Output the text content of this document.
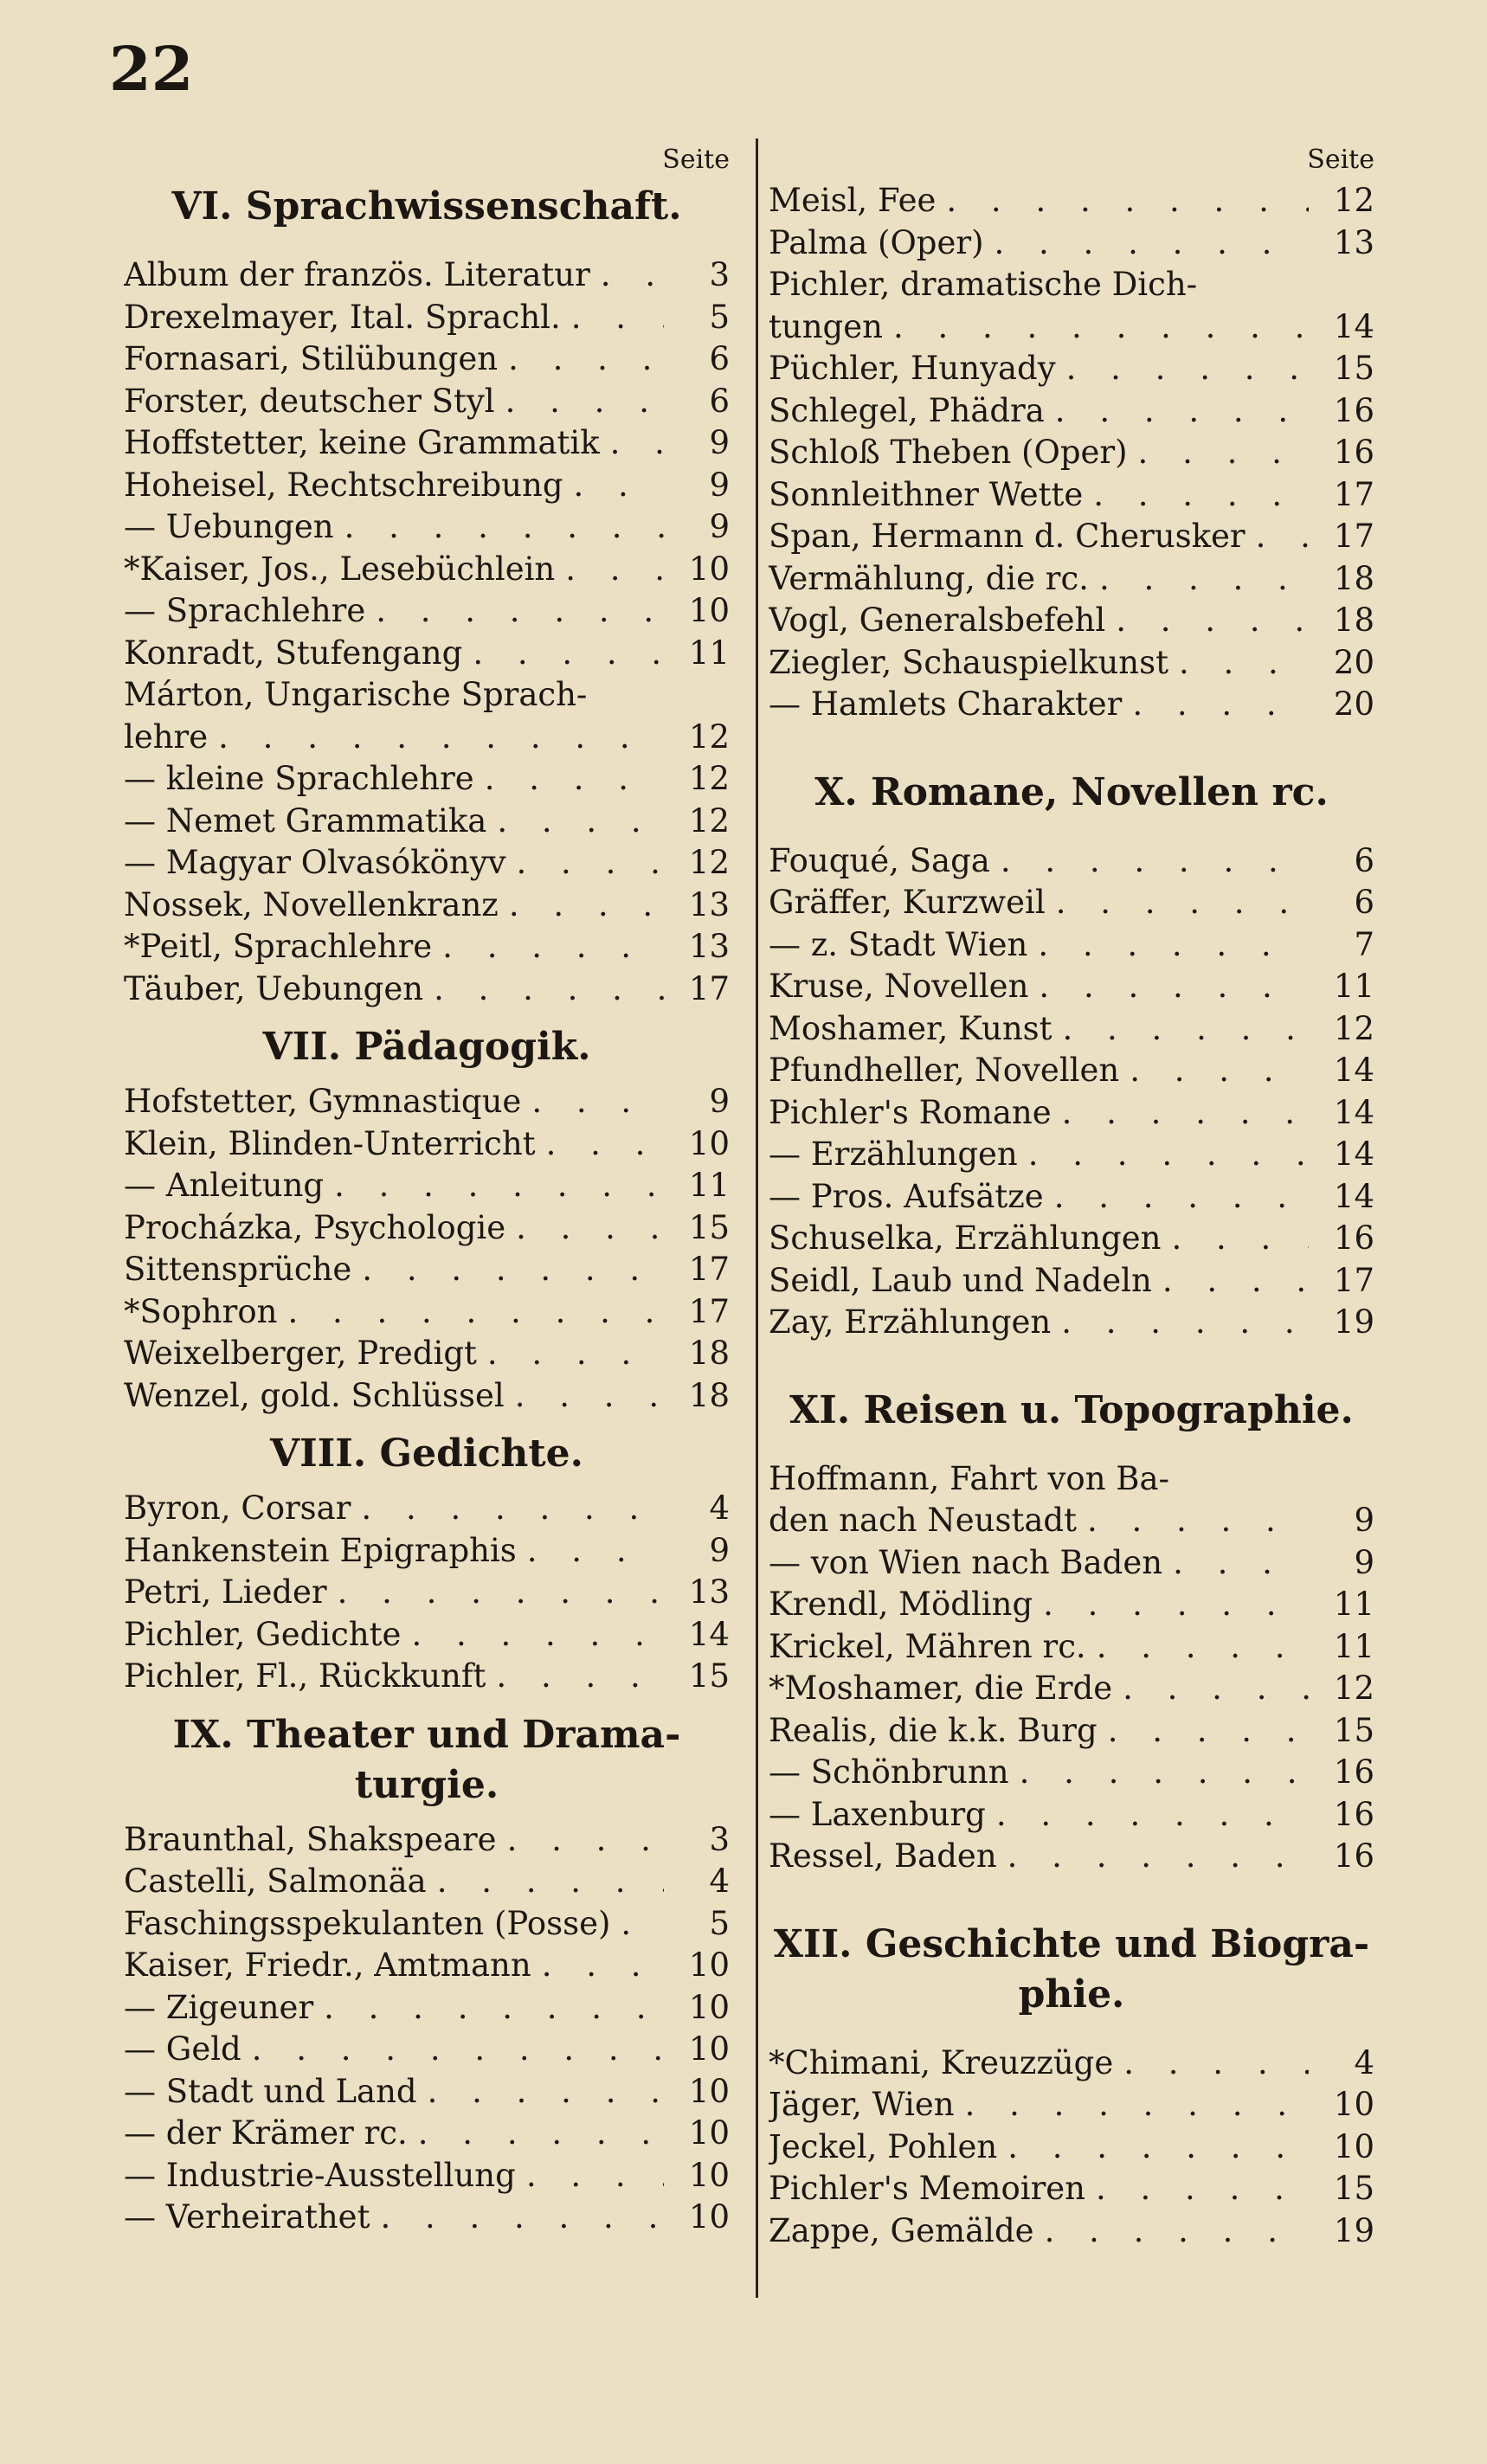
22
Seite
VI. Sprachwissenschaft.
Album der französ. Literatur . . .	3
Drexelmayer, Ital. Sprachl. . . .	5
Fornasari, Stilübungen . . .	6
Forster, deutscher Styl . . .	6
Hoffstetter, keine Grammatik . . .	9
Hoheisel, Rechtschreibung . . .	9
— Uebungen . . .	9
*Kaiser, Jos., Lesebüchlein . . .	10
— Sprachlehre . . .	10
Konradt, Stufengang . . .	11
Márton, Ungarische Sprach-
lehre . . .	12
— kleine Sprachlehre . . .	12
— Nemet Grammatika . . .	12
— Magyar Olvasókönyv . . .	12
Nossek, Novellenkranz . . .	13
*Peitl, Sprachlehre . . .	13
Täuber, Uebungen . . .	17
VII. Pädagogik.
Hofstetter, Gymnastique . . .	9
Klein, Blinden-Unterricht . . .	10
— Anleitung . . .	11
Procházka, Psychologie . . .	15
Sittensprüche . . .	17
*Sophron . . .	17
Weixelberger, Predigt . . .	18
Wenzel, gold. Schlüssel . . .	18
VIII. Gedichte.
Byron, Corsar . . .	4
Hankenstein Epigraphis . . .	9
Petri, Lieder . . .	13
Pichler, Gedichte . . .	14
Pichler, Fl., Rückkunft . . .	15
IX. Theater und Drama-
turgie.
Braunthal, Shakspeare . . .	3
Castelli, Salmonäa . . .	4
Faschingsspekulanten (Posse) . . .	5
Kaiser, Friedr., Amtmann . . .	10
— Zigeuner . . .	10
— Geld . . .	10
— Stadt und Land . . .	10
— der Krämer rc. . . .	10
— Industrie-Ausstellung . . .	10
— Verheirathet . . .	10
Seite
Meisl, Fee . . .	12
Palma (Oper) . . .	13
Pichler, dramatische Dich-
tungen . . .	14
Püchler, Hunyady . . .	15
Schlegel, Phädra . . .	16
Schloß Theben (Oper) . . .	16
Sonnleithner Wette . . .	17
Span, Hermann d. Cherusker . . .	17
Vermählung, die rc. . . .	18
Vogl, Generalsbefehl . . .	18
Ziegler, Schauspielkunst . . .	20
— Hamlets Charakter . . .	20
X. Romane, Novellen rc.
Fouqué, Saga . . .	6
Gräffer, Kurzweil . . .	6
— z. Stadt Wien . . .	7
Kruse, Novellen . . .	11
Moshamer, Kunst . . .	12
Pfundheller, Novellen . . .	14
Pichler's Romane . . .	14
— Erzählungen . . .	14
— Pros. Aufsätze . . .	14
Schuselka, Erzählungen . . .	16
Seidl, Laub und Nadeln . . .	17
Zay, Erzählungen . . .	19
XI. Reisen u. Topographie.
Hoffmann, Fahrt von Ba-
den nach Neustadt . . .	9
— von Wien nach Baden . . .	9
Krendl, Mödling . . .	11
Krickel, Mähren rc. . . .	11
*Moshamer, die Erde . . .	12
Realis, die k.k. Burg . . .	15
— Schönbrunn . . .	16
— Laxenburg . . .	16
Ressel, Baden . . .	16
XII. Geschichte und Biogra-
phie.
*Chimani, Kreuzzüge . . .	4
Jäger, Wien . . .	10
Jeckel, Pohlen . . .	10
Pichler's Memoiren . . .	15
Zappe, Gemälde . . .	19
